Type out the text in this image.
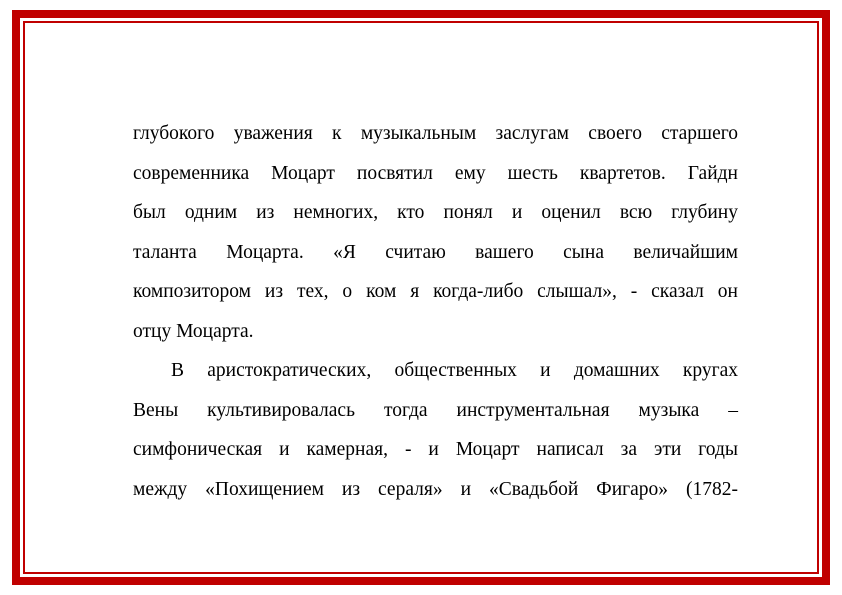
глубокого уважения к музыкальным заслугам своего старшего
современника Моцарт посвятил ему шесть квартетов. Гайдн
был одним из немногих, кто понял и оценил всю глубину
таланта Моцарта. «Я считаю вашего сына величайшим
композитором из тех, о ком я когда-либо слышал», - сказал он
отцу Моцарта.

В аристократических, общественных и домашних кругах
Вены культивировалась тогда инструментальная музыка –
симфоническая и камерная, - и Моцарт написал за эти годы
между «Похищением из сераля» и «Свадьбой Фигаро» (1782-
